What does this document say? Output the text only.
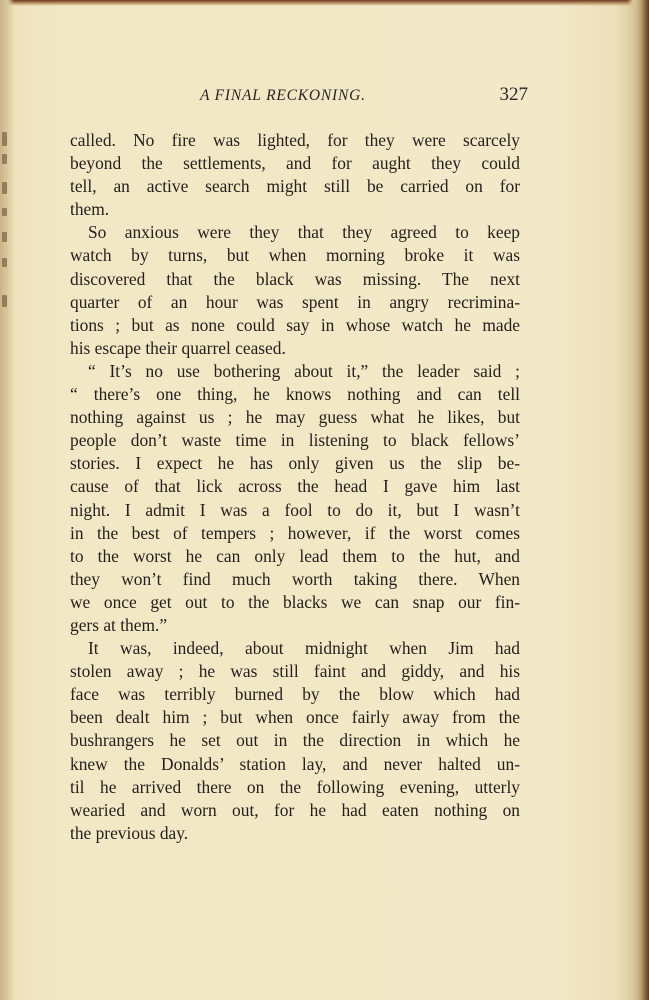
A FINAL RECKONING.	327
called. No fire was lighted, for they were scarcely
beyond the settlements, and for aught they could
tell, an active search might still be carried on for
them.
So anxious were they that they agreed to keep
watch by turns, but when morning broke it was
discovered that the black was missing. The next
quarter of an hour was spent in angry recrimina-
tions ; but as none could say in whose watch he made
his escape their quarrel ceased.
“ It’s no use bothering about it,” the leader said ;
“ there’s one thing, he knows nothing and can tell
nothing against us ; he may guess what he likes, but
people don’t waste time in listening to black fellows’
stories. I expect he has only given us the slip be-
cause of that lick across the head I gave him last
night. I admit I was a fool to do it, but I wasn’t
in the best of tempers ; however, if the worst comes
to the worst he can only lead them to the hut, and
they won’t find much worth taking there. When
we once get out to the blacks we can snap our fin-
gers at them.”
It was, indeed, about midnight when Jim had
stolen away ; he was still faint and giddy, and his
face was terribly burned by the blow which had
been dealt him ; but when once fairly away from the
bushrangers he set out in the direction in which he
knew the Donalds’ station lay, and never halted un-
til he arrived there on the following evening, utterly
wearied and worn out, for he had eaten nothing on
the previous day.
